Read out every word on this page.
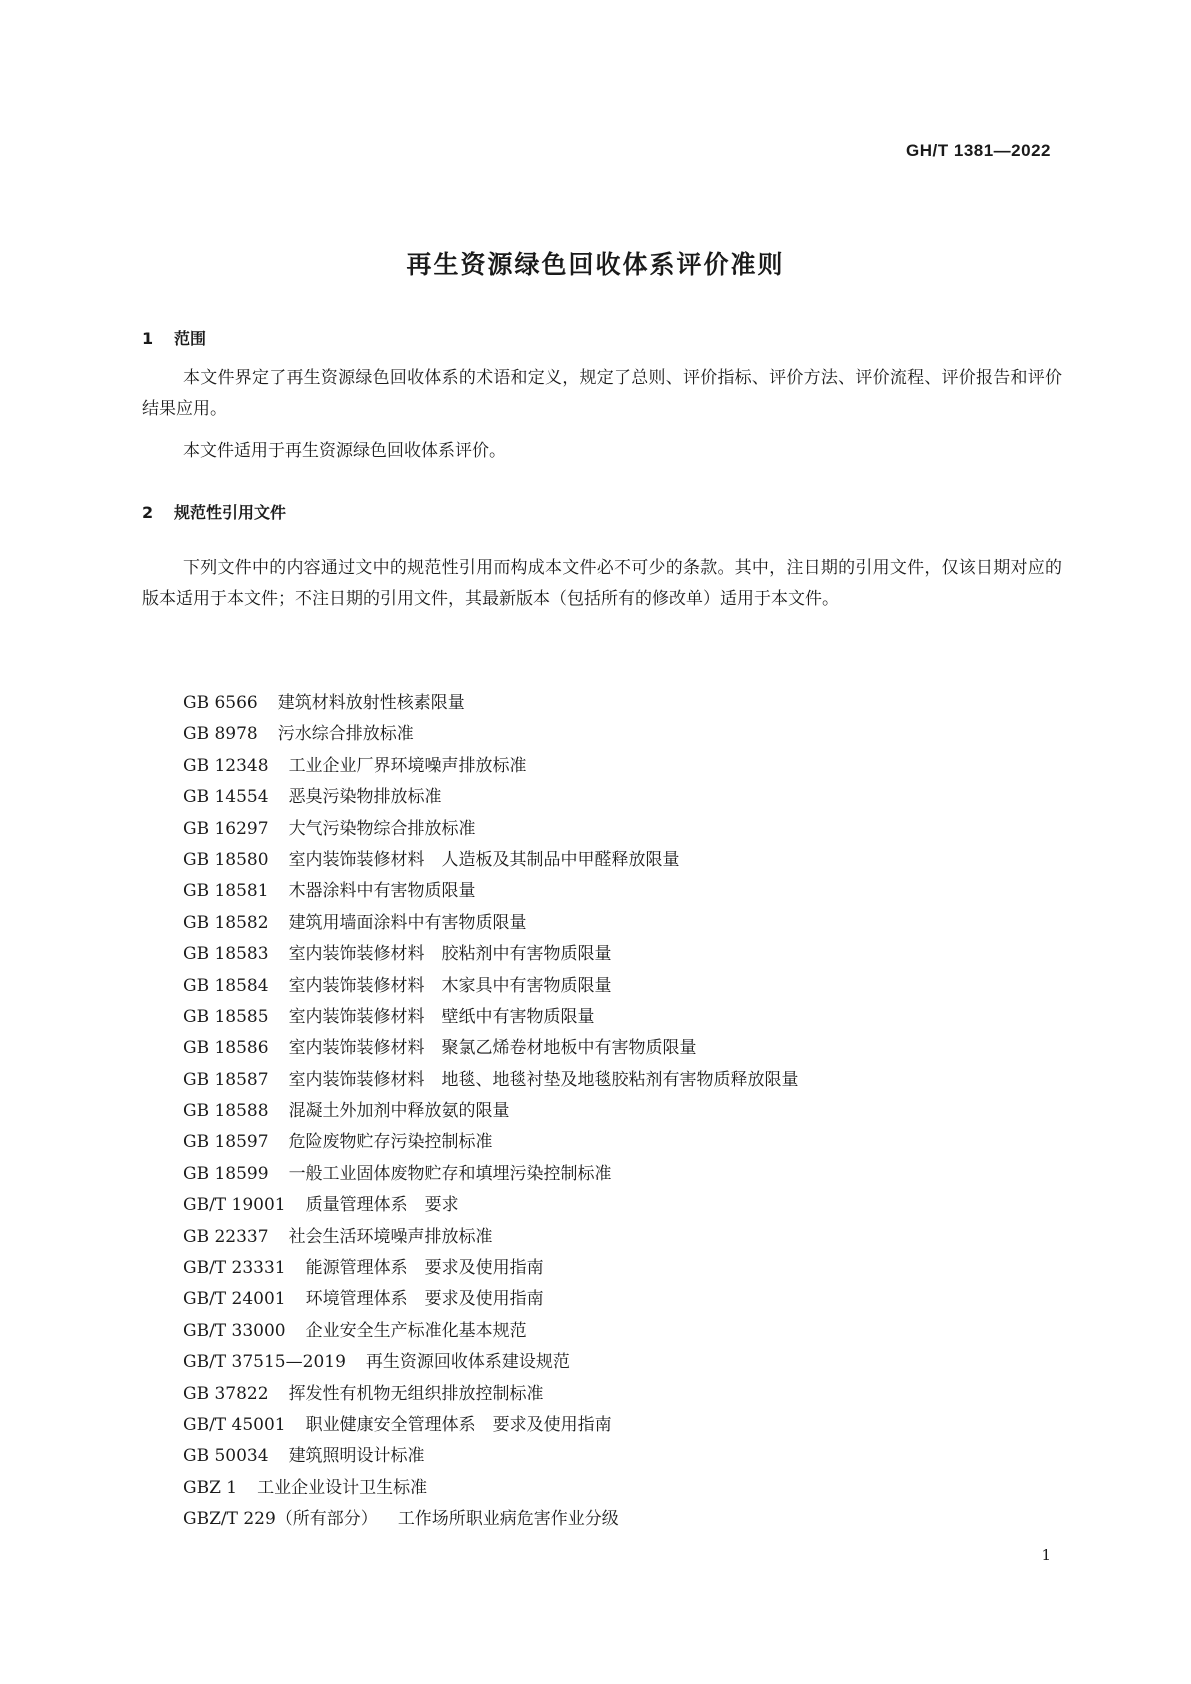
GH/T 1381—2022
再生资源绿色回收体系评价准则
1 范围

本文件界定了再生资源绿色回收体系的术语和定义，规定了总则、评价指标、评价方法、评价流程、评价报告和评价结果应用。

本文件适用于再生资源绿色回收体系评价。

2 规范性引用文件

下列文件中的内容通过文中的规范性引用而构成本文件必不可少的条款。其中，注日期的引用文件，仅该日期对应的版本适用于本文件；不注日期的引用文件，其最新版本（包括所有的修改单）适用于本文件。

GB 6566 建筑材料放射性核素限量
GB 8978 污水综合排放标准
GB 12348 工业企业厂界环境噪声排放标准
GB 14554 恶臭污染物排放标准
GB 16297 大气污染物综合排放标准
GB 18580 室内装饰装修材料　人造板及其制品中甲醛释放限量
GB 18581 木器涂料中有害物质限量
GB 18582 建筑用墙面涂料中有害物质限量
GB 18583 室内装饰装修材料　胶粘剂中有害物质限量
GB 18584 室内装饰装修材料　木家具中有害物质限量
GB 18585 室内装饰装修材料　壁纸中有害物质限量
GB 18586 室内装饰装修材料　聚氯乙烯卷材地板中有害物质限量
GB 18587 室内装饰装修材料　地毯、地毯衬垫及地毯胶粘剂有害物质释放限量
GB 18588 混凝土外加剂中释放氨的限量
GB 18597 危险废物贮存污染控制标准
GB 18599 一般工业固体废物贮存和填埋污染控制标准
GB/T 19001 质量管理体系　要求
GB 22337 社会生活环境噪声排放标准
GB/T 23331 能源管理体系　要求及使用指南
GB/T 24001 环境管理体系　要求及使用指南
GB/T 33000 企业安全生产标准化基本规范
GB/T 37515—2019 再生资源回收体系建设规范
GB 37822 挥发性有机物无组织排放控制标准
GB/T 45001 职业健康安全管理体系　要求及使用指南
GB 50034 建筑照明设计标准
GBZ 1 工业企业设计卫生标准
GBZ/T 229（所有部分） 工作场所职业病危害作业分级
1
